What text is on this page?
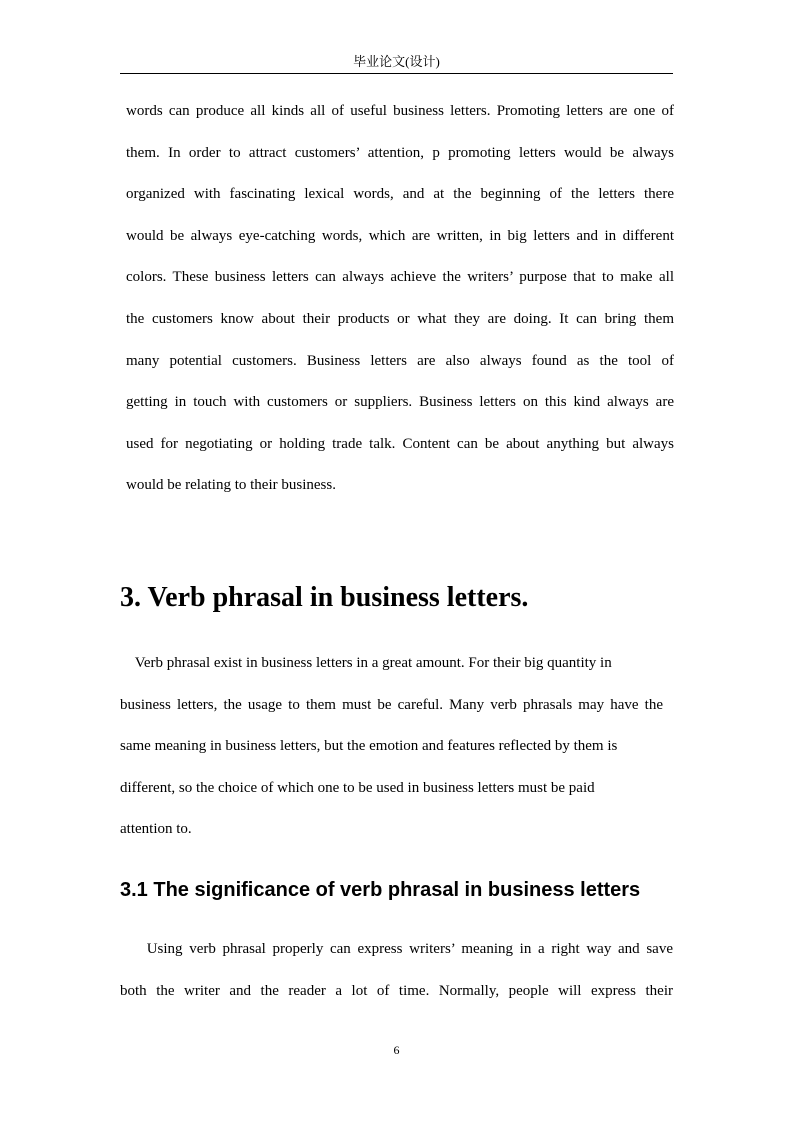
毕业论文(设计)
words can produce all kinds all of useful business letters. Promoting letters are one of
them. In order to attract customers’ attention, p promoting letters would be always
organized with fascinating lexical words, and at the beginning of the letters there
would be always eye-catching words, which are written, in big letters and in different
colors. These business letters can always achieve the writers’ purpose that to make all
the customers know about their products or what they are doing. It can bring them
many potential customers. Business letters are also always found as the tool of
getting in touch with customers or suppliers. Business letters on this kind always are
used for negotiating or holding trade talk. Content can be about anything but always
would be relating to their business.
3. Verb phrasal in business letters.
Verb phrasal exist in business letters in a great amount. For their big quantity in
business letters, the usage to them must be careful. Many verb phrasals may have the
same meaning in business letters, but the emotion and features reflected by them is
different, so the choice of which one to be used in business letters must be paid
attention to.
3.1 The significance of verb phrasal in business letters
Using verb phrasal properly can express writers’ meaning in a right way and save
both the writer and the reader a lot of time. Normally, people will express their
6
